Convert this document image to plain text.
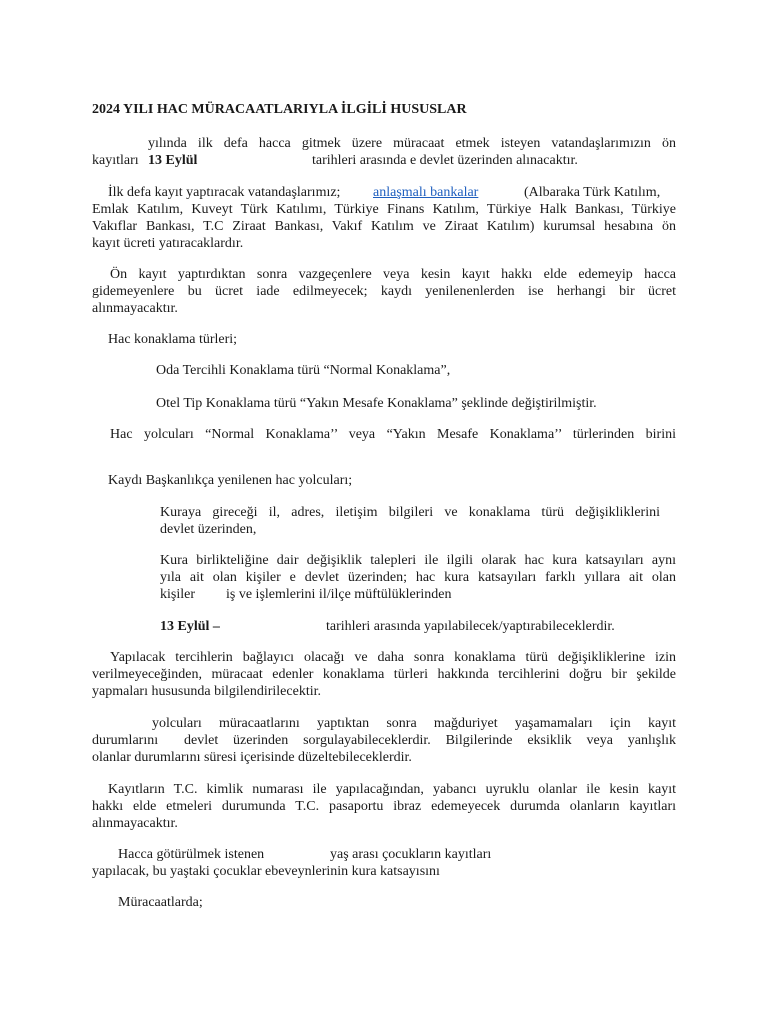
2024 YILI HAC MÜRACAATLARIYLA İLGİLİ HUSUSLAR
yılında ilk defa hacca gitmek üzere müracaat etmek isteyen vatandaşlarımızın ön
kayıtları 13 Eylül	tarihleri arasında e devlet üzerinden alınacaktır.
İlk defa kayıt yaptıracak vatandaşlarımız; anlaşmalı bankalar	(Albaraka Türk Katılım,
Emlak Katılım, Kuveyt Türk Katılımı, Türkiye Finans Katılım, Türkiye Halk Bankası, Türkiye
Vakıflar Bankası, T.C Ziraat Bankası, Vakıf Katılım ve Ziraat Katılım) kurumsal hesabına ön
kayıt ücreti yatıracaklardır.
Ön kayıt yaptırdıktan sonra vazgeçenlere veya kesin kayıt hakkı elde edemeyip hacca
gidemeyenlere bu ücret iade edilmeyecek; kaydı yenilenenlerden ise herhangi bir ücret
alınmayacaktır.
Hac konaklama türleri;
Oda Tercihli Konaklama türü “Normal Konaklama”,
Otel Tip Konaklama türü “Yakın Mesafe Konaklama” şeklinde değiştirilmiştir.
Hac yolcuları “Normal Konaklama’’ veya “Yakın Mesafe Konaklama’’ türlerinden birini
Kaydı Başkanlıkça yenilenen hac yolcuları;
Kuraya gireceği il, adres, iletişim bilgileri ve konaklama türü değişikliklerini
devlet üzerinden,
Kura birlikteliğine dair değişiklik talepleri ile ilgili olarak hac kura katsayıları aynı
yıla ait olan kişiler e devlet üzerinden; hac kura katsayıları farklı yıllara ait olan
kişiler iş ve işlemlerini il/ilçe müftülüklerinden
13 Eylül –	tarihleri arasında yapılabilecek/yaptırabileceklerdir.
Yapılacak tercihlerin bağlayıcı olacağı ve daha sonra konaklama türü değişikliklerine izin
verilmeyeceğinden, müracaat edenler konaklama türleri hakkında tercihlerini doğru bir şekilde
yapmaları hususunda bilgilendirilecektir.
yolcuları müracaatlarını yaptıktan sonra mağduriyet yaşamamaları için kayıt
durumlarını devlet üzerinden sorgulayabileceklerdir. Bilgilerinde eksiklik veya yanlışlık
olanlar durumlarını süresi içerisinde düzeltebileceklerdir.
Kayıtların T.C. kimlik numarası ile yapılacağından, yabancı uyruklu olanlar ile kesin kayıt
hakkı elde etmeleri durumunda T.C. pasaportu ibraz edemeyecek durumda olanların kayıtları
alınmayacaktır.
Hacca götürülmek istenen	yaş arası çocukların kayıtları
yapılacak, bu yaştaki çocuklar ebeveynlerinin kura katsayısını
Müracaatlarda;
